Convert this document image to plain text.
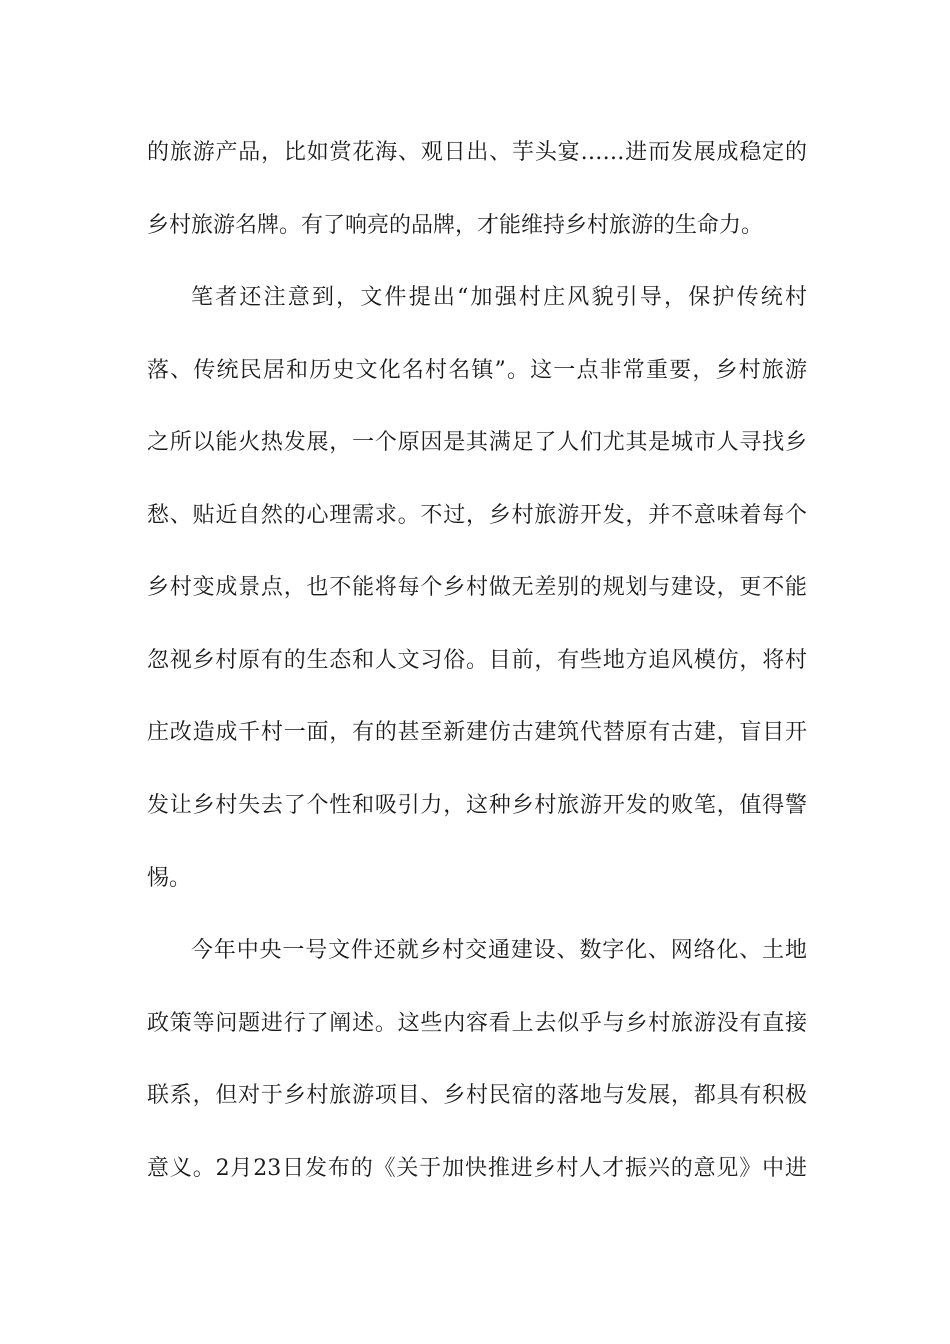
的旅游产品，比如赏花海、观日出、芋头宴……进而发展成稳定的
乡村旅游名牌。有了响亮的品牌，才能维持乡村旅游的生命力。
笔者还注意到，文件提出“加强村庄风貌引导，保护传统村
落、传统民居和历史文化名村名镇”。这一点非常重要，乡村旅游
之所以能火热发展，一个原因是其满足了人们尤其是城市人寻找乡
愁、贴近自然的心理需求。不过，乡村旅游开发，并不意味着每个
乡村变成景点，也不能将每个乡村做无差别的规划与建设，更不能
忽视乡村原有的生态和人文习俗。目前，有些地方追风模仿，将村
庄改造成千村一面，有的甚至新建仿古建筑代替原有古建，盲目开
发让乡村失去了个性和吸引力，这种乡村旅游开发的败笔，值得警
惕。
今年中央一号文件还就乡村交通建设、数字化、网络化、土地
政策等问题进行了阐述。这些内容看上去似乎与乡村旅游没有直接
联系，但对于乡村旅游项目、乡村民宿的落地与发展，都具有积极
意义。2月23日发布的《关于加快推进乡村人才振兴的意见》中进
